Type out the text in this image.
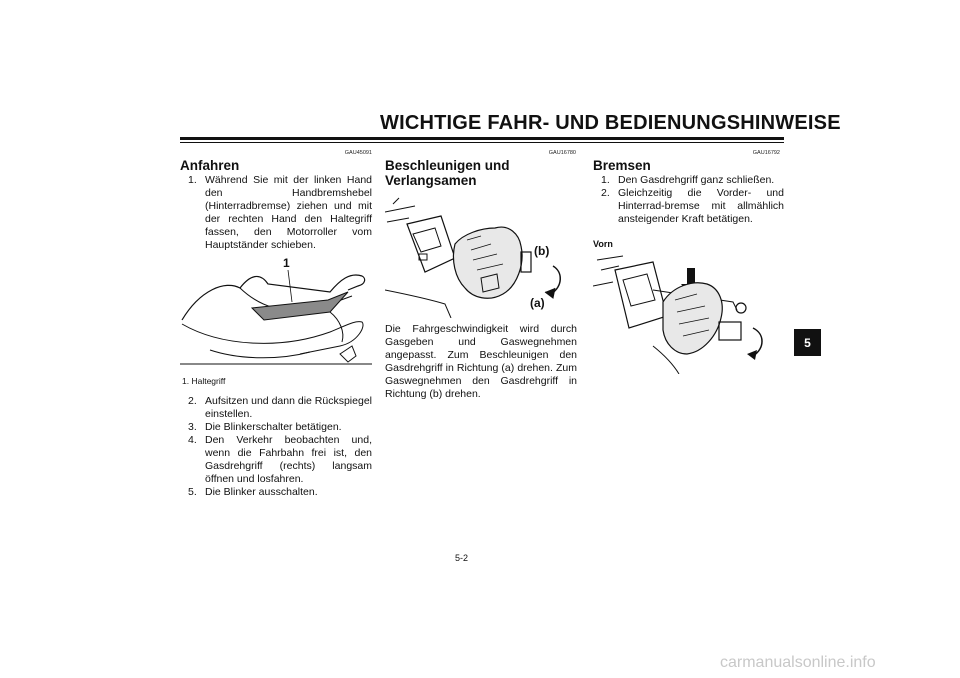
WICHTIGE FAHR- UND BEDIENUNGSHINWEISE
GAU45091
Anfahren
1. Während Sie mit der linken Hand den Handbremshebel (Hinterradbremse) ziehen und mit der rechten Hand den Haltegriff fassen, den Motorroller vom Hauptständer schieben.
1
1. Haltegriff
2. Aufsitzen und dann die Rückspiegel einstellen.
3. Die Blinkerschalter betätigen.
4. Den Verkehr beobachten und, wenn die Fahrbahn frei ist, den Gasdrehgriff (rechts) langsam öffnen und losfahren.
5. Die Blinker ausschalten.
GAU16780
Beschleunigen und
Verlangsamen
(b)
(a)

Die Fahrgeschwindigkeit wird durch Gasgeben und Gaswegnehmen angepasst. Zum Beschleunigen den Gasdrehgriff in Richtung (a) drehen. Zum Gaswegnehmen den Gasdrehgriff in Richtung (b) drehen.

GAU16792
Bremsen
1. Den Gasdrehgriff ganz schließen.
2. Gleichzeitig die Vorder- und Hinterrad-bremse mit allmählich ansteigender Kraft betätigen.
Vorn
5
5-2
carmanualsonline.info
